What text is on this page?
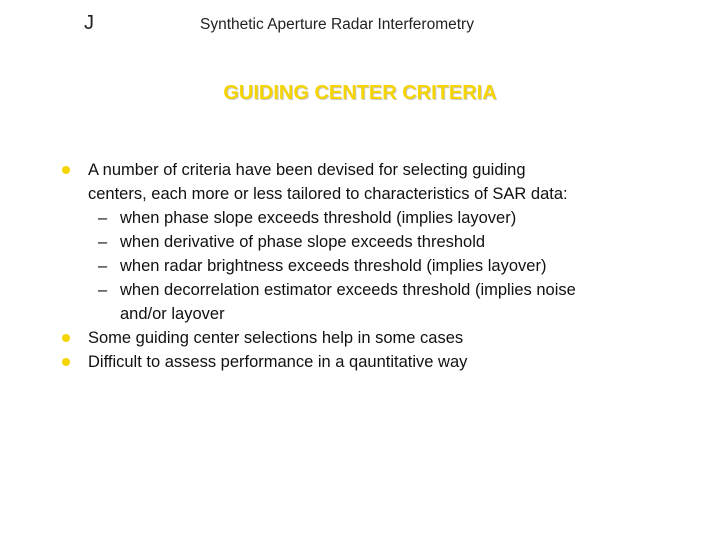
J	Synthetic Aperture Radar Interferometry
GUIDING CENTER CRITERIA
A number of criteria have been devised for selecting guiding
centers, each more or less tailored to characteristics of SAR data:
– when phase slope exceeds threshold (implies layover)
– when derivative of phase slope exceeds threshold
– when radar brightness exceeds threshold (implies layover)
– when decorrelation estimator exceeds threshold (implies noise
and/or layover
Some guiding center selections help in some cases
Difficult to assess performance in a qauntitative way
